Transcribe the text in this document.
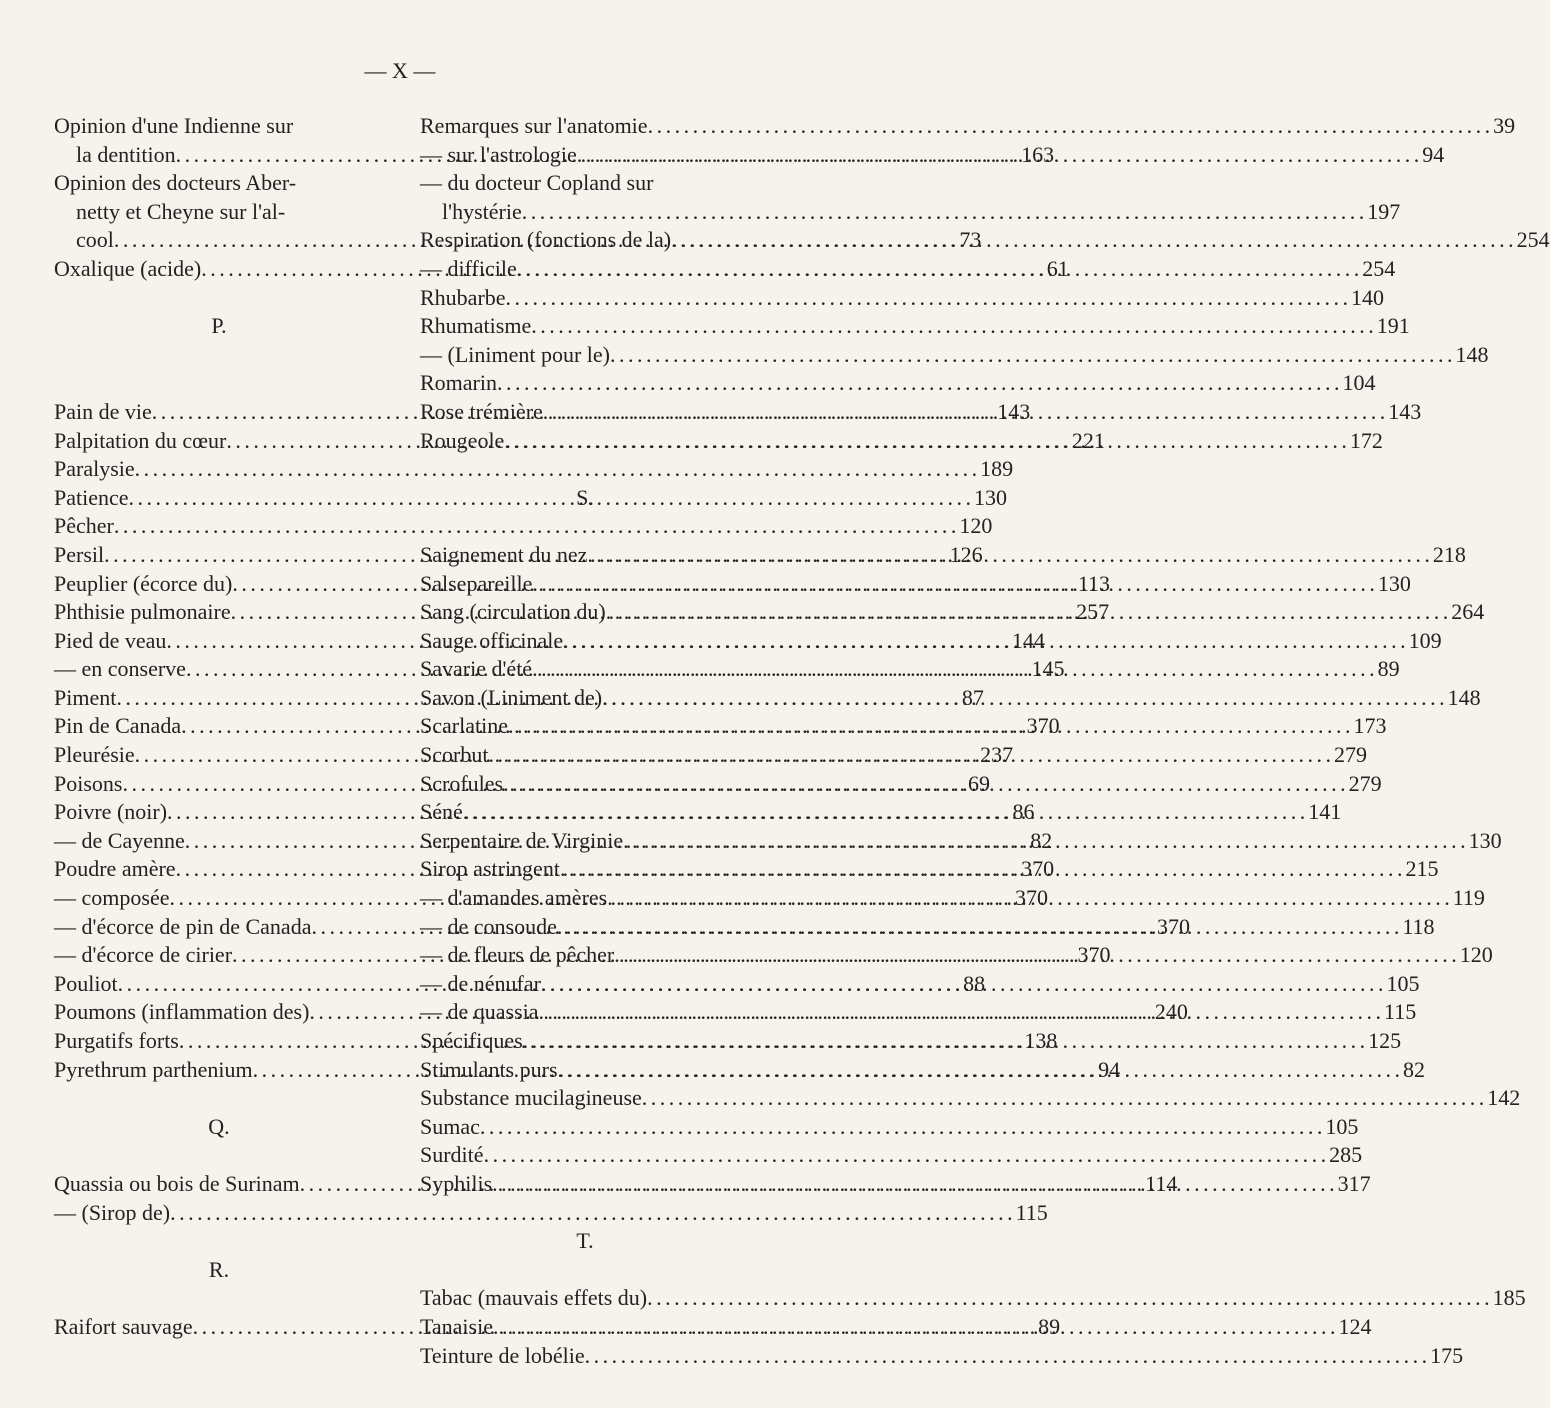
— X —
Opinion d'une Indienne sur
la dentition . . .	163
Opinion des docteurs Aber-
netty et Cheyne sur l'al-
cool . . .	73
Oxalique (acide) . . .	61
P.
Pain de vie . . .	143
Palpitation du cœur . . .	221
Paralysie . . .	189
Patience . . .	130
Pêcher . . .	120
Persil . . .	126
Peuplier (écorce du) . . .	113
Phthisie pulmonaire . . .	257
Pied de veau . . .	144
— en conserve . . .	145
Piment . . .	87
Pin de Canada . . .	370
Pleurésie . . .	237
Poisons . . .	69
Poivre (noir) . . .	86
— de Cayenne . . .	82
Poudre amère . . .	370
— composée . . .	370
— d'écorce de pin de Canada . . .	370
— d'écorce de cirier . . .	370
Pouliot . . .	88
Poumons (inflammation des) . . .	240
Purgatifs forts . . .	138
Pyrethrum parthenium . . .	94
Q.
Quassia ou bois de Surinam . . .	114
— (Sirop de) . . .	115
R.
Raifort sauvage . . .	89
Remarques sur l'anatomie . . .	39
— sur l'astrologie . . .	94
— du docteur Copland sur
l'hystérie . . .	197
Respiration (fonctions de la) . . .	254
— difficile . . .	254
Rhubarbe . . .	140
Rhumatisme . . .	191
— (Liniment pour le) . . .	148
Romarin . . .	104
Rose trémière . . .	143
Rougeole . . .	172
S.
Saignement du nez . . .	218
Salsepareille . . .	130
Sang (circulation du) . . .	264
Sauge officinale . . .	109
Savarie d'été . . .	89
Savon (Liniment de) . . .	148
Scarlatine . . .	173
Scorbut . . .	279
Scrofules . . .	279
Séné . . .	141
Serpentaire de Virginie . . .	130
Sirop astringent . . .	215
— d'amandes amères . . .	119
— de consoude . . .	118
— de fleurs de pêcher . . .	120
— de nénufar . . .	105
— de quassia . . .	115
Spécifiques . . .	125
Stimulants purs . . .	82
Substance mucilagineuse . . .	142
Sumac . . .	105
Surdité . . .	285
Syphilis . . .	317
T.
Tabac (mauvais effets du) . . .	185
Tanaisie . . .	124
Teinture de lobélie . . .	175
